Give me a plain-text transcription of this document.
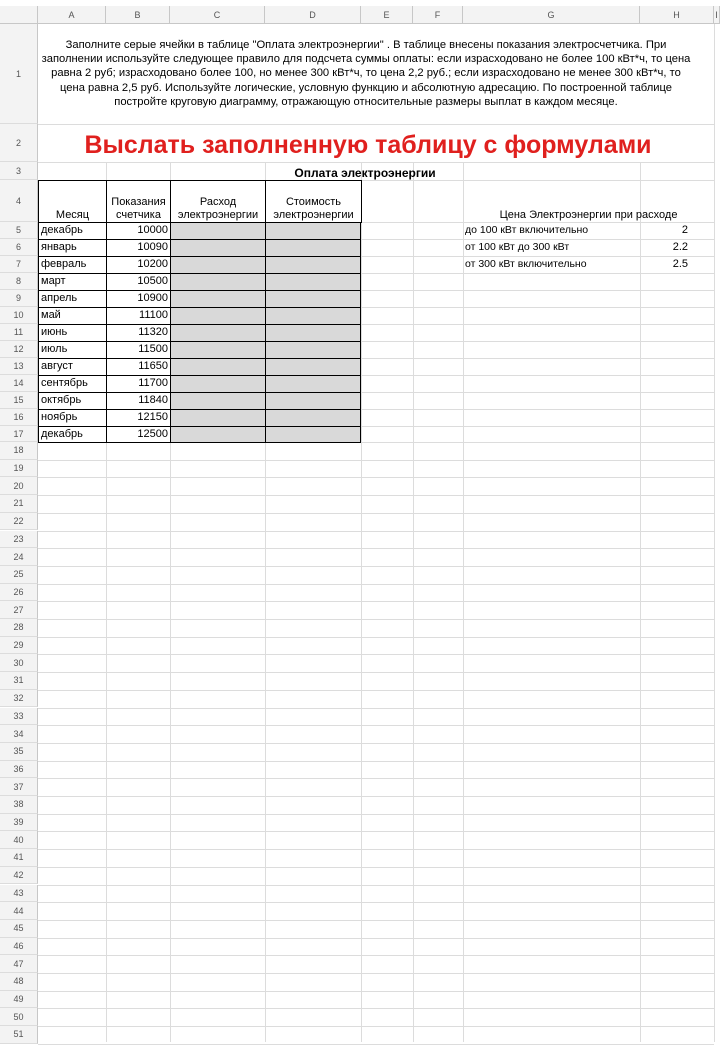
A	B	C	D	E	F	G	H	I
1
2
3
4
5
6
7
8
9
10
11
12
13
14
15
16
17
18
19
20
21
22
23
24
25
26
27
28
29
30
31
32
33
34
35
36
37
38
39
40
41
42
43
44
45
46
47
48
49
50
51
Заполните серые ячейки в таблице "Оплата электроэнергии" . В таблице внесены показания электросчетчика. При заполнении используйте следующее правило для подсчета суммы оплаты: если израсходовано не более 100 кВт*ч, то цена равна 2 руб; израсходовано более 100, но менее 300 кВт*ч, то цена 2,2 руб.; если израсходовано не менее 300 кВт*ч, то цена равна 2,5 руб. Используйте логические, условную функцию и абсолютную адресацию. По построенной таблице постройте круговую диаграмму, отражающую относительные размеры выплат в каждом месяце.
Выслать заполненную таблицу с формулами
Оплата электроэнергии
Месяц
Показания счетчика
Расход электроэнергии
Стоимость электроэнергии
декабрь	10000
январь	10090
февраль	10200
март	10500
апрель	10900
май	11100
июнь	11320
июль	11500
август	11650
сентябрь	11700
октябрь	11840
ноябрь	12150
декабрь	12500
Цена Электроэнергии при расходе
до 100 кВт включительно	2
от 100 кВт до 300 кВт	2.2
от 300 кВт включительно	2.5
